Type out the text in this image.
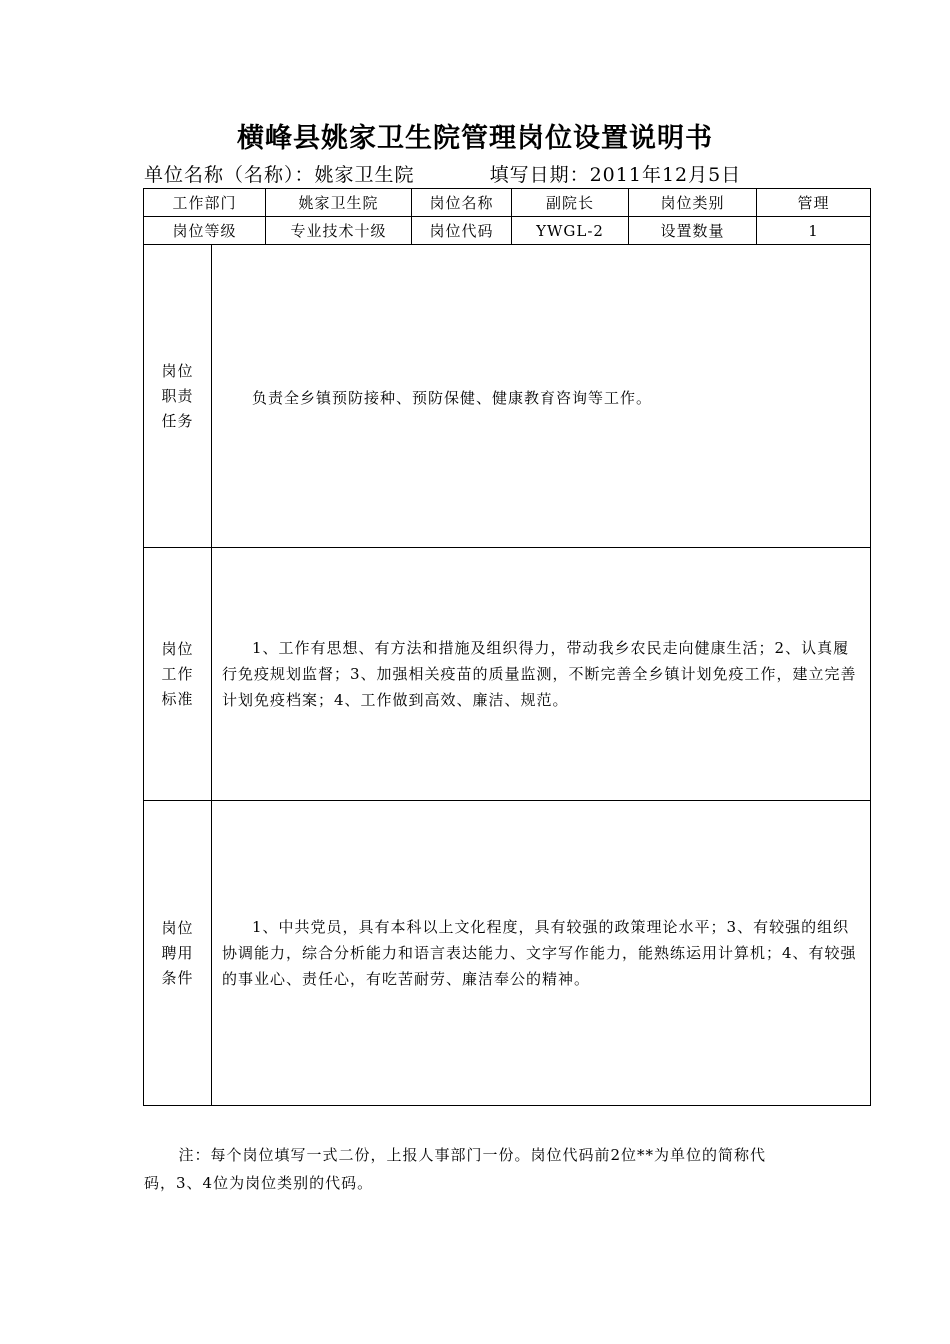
横峰县姚家卫生院管理岗位设置说明书
单位名称（名称）：姚家卫生院	填写日期：2011年12月5日
工作部门		姚家卫生院	岗位名称	副院长	岗位类别	管理
岗位等级		专业技术十级	岗位代码	YWGL-2	设置数量	1

岗位
职责
任务	负责全乡镇预防接种、预防保健、健康教育咨询等工作。					

岗位
工作
标准	1、工作有思想、有方法和措施及组织得力，带动我乡农民走向健康生活；2、认真履行免疫规划监督；3、加强相关疫苗的质量监测，不断完善全乡镇计划免疫工作，建立完善计划免疫档案；4、工作做到高效、廉洁、规范。					

岗位
聘用
条件	1、中共党员，具有本科以上文化程度，具有较强的政策理论水平；3、有较强的组织协调能力，综合分析能力和语言表达能力、文字写作能力，能熟练运用计算机；4、有较强的事业心、责任心，有吃苦耐劳、廉洁奉公的精神。					

注：每个岗位填写一式二份，上报人事部门一份。岗位代码前2位**为单位的简称代
码，3、4位为岗位类别的代码。
